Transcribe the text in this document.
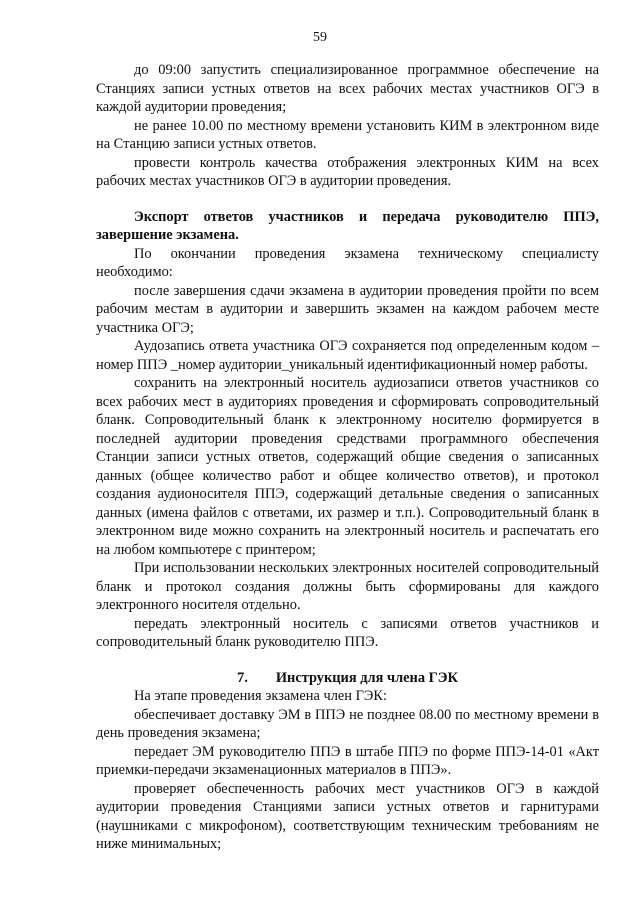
59

до 09:00 запустить специализированное программное обеспечение на Станциях записи устных ответов на всех рабочих местах участников ОГЭ в каждой аудитории проведения;

не ранее 10.00 по местному времени установить КИМ в электронном виде на Станцию записи устных ответов.

провести контроль качества отображения электронных КИМ на всех рабочих местах участников ОГЭ в аудитории проведения.

Экспорт ответов участников и передача руководителю ППЭ, завершение экзамена.

По окончании проведения экзамена техническому специалисту необходимо:

после завершения сдачи экзамена в аудитории проведения пройти по всем рабочим местам в аудитории и завершить экзамен на каждом рабочем месте участника ОГЭ;

Аудозапись ответа участника ОГЭ сохраняется под определенным кодом – номер ППЭ _номер аудитории_уникальный идентификационный номер работы.

сохранить на электронный носитель аудиозаписи ответов участников со всех рабочих мест в аудиториях проведения и сформировать сопроводительный бланк. Сопроводительный бланк к электронному носителю формируется в последней аудитории проведения средствами программного обеспечения Станции записи устных ответов, содержащий общие сведения о записанных данных (общее количество работ и общее количество ответов), и протокол создания аудионосителя ППЭ, содержащий детальные сведения о записанных данных (имена файлов с ответами, их размер и т.п.). Сопроводительный бланк в электронном виде можно сохранить на электронный носитель и распечатать его на любом компьютере с принтером;

При использовании нескольких электронных носителей сопроводительный бланк и протокол создания должны быть сформированы для каждого электронного носителя отдельно.

передать электронный носитель с записями ответов участников и сопроводительный бланк руководителю ППЭ.

7. Инструкция для члена ГЭК

На этапе проведения экзамена член ГЭК:

обеспечивает доставку ЭМ в ППЭ не позднее 08.00 по местному времени в день проведения экзамена;

передает ЭМ руководителю ППЭ в штабе ППЭ по форме ППЭ-14-01 «Акт приемки-передачи экзаменационных материалов в ППЭ».

проверяет обеспеченность рабочих мест участников ОГЭ в каждой аудитории проведения Станциями записи устных ответов и гарнитурами (наушниками с микрофоном), соответствующим техническим требованиям не ниже минимальных;
